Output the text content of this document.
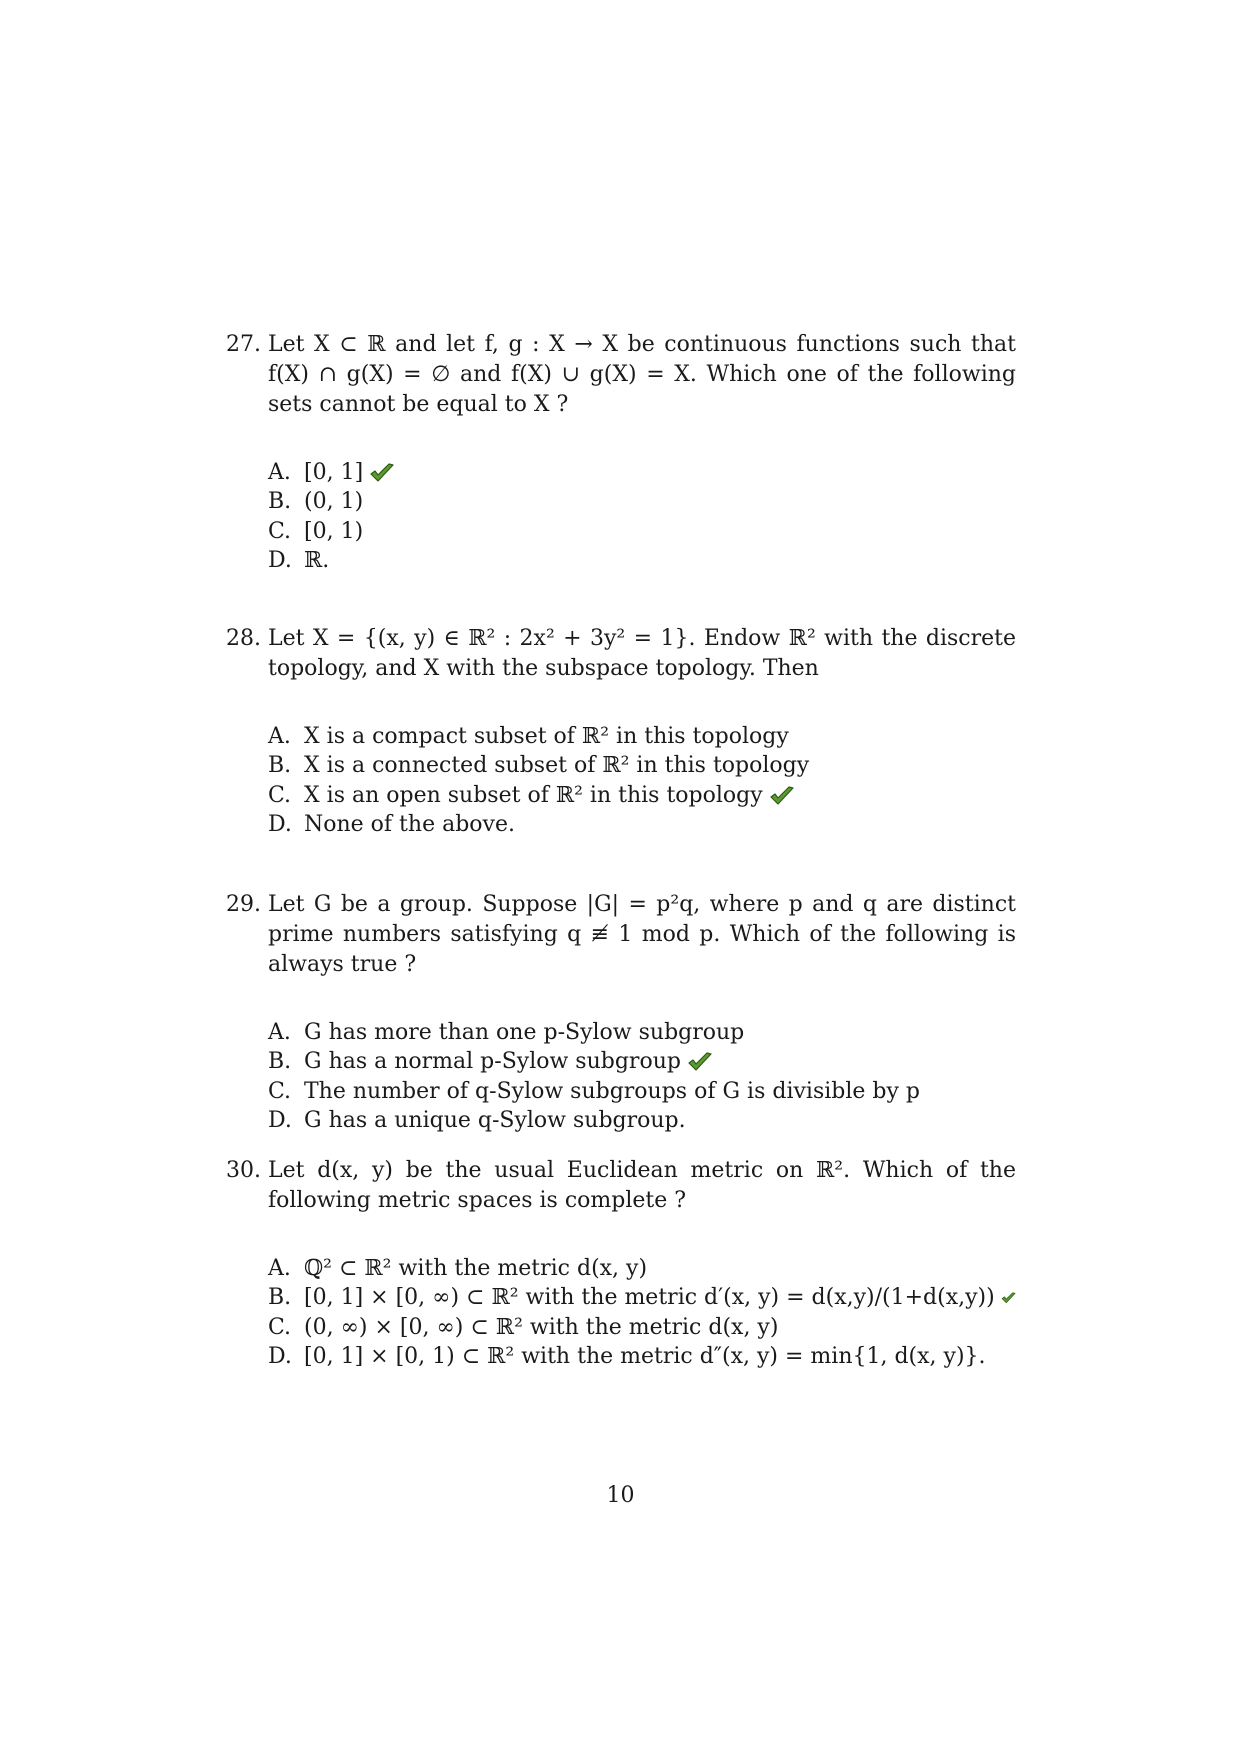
27. Let X ⊂ ℝ and let f, g : X → X be continuous functions such that f(X) ∩ g(X) = ∅ and f(X) ∪ g(X) = X. Which one of the following sets cannot be equal to X ?
A. [0, 1]
B. (0, 1)
C. [0, 1)
D. ℝ.
28. Let X = {(x, y) ∈ ℝ² : 2x² + 3y² = 1}. Endow ℝ² with the discrete topology, and X with the subspace topology. Then
A. X is a compact subset of ℝ² in this topology
B. X is a connected subset of ℝ² in this topology
C. X is an open subset of ℝ² in this topology
D. None of the above.
29. Let G be a group. Suppose |G| = p²q, where p and q are distinct prime numbers satisfying q ≢ 1 mod p. Which of the following is always true ?
A. G has more than one p-Sylow subgroup
B. G has a normal p-Sylow subgroup
C. The number of q-Sylow subgroups of G is divisible by p
D. G has a unique q-Sylow subgroup.
30. Let d(x, y) be the usual Euclidean metric on ℝ². Which of the following metric spaces is complete ?
A. ℚ² ⊂ ℝ² with the metric d(x, y)
B. [0, 1] × [0, ∞) ⊂ ℝ² with the metric d′(x, y) = d(x,y)/(1+d(x,y))
C. (0, ∞) × [0, ∞) ⊂ ℝ² with the metric d(x, y)
D. [0, 1] × [0, 1) ⊂ ℝ² with the metric d″(x, y) = min{1, d(x, y)}.
10
